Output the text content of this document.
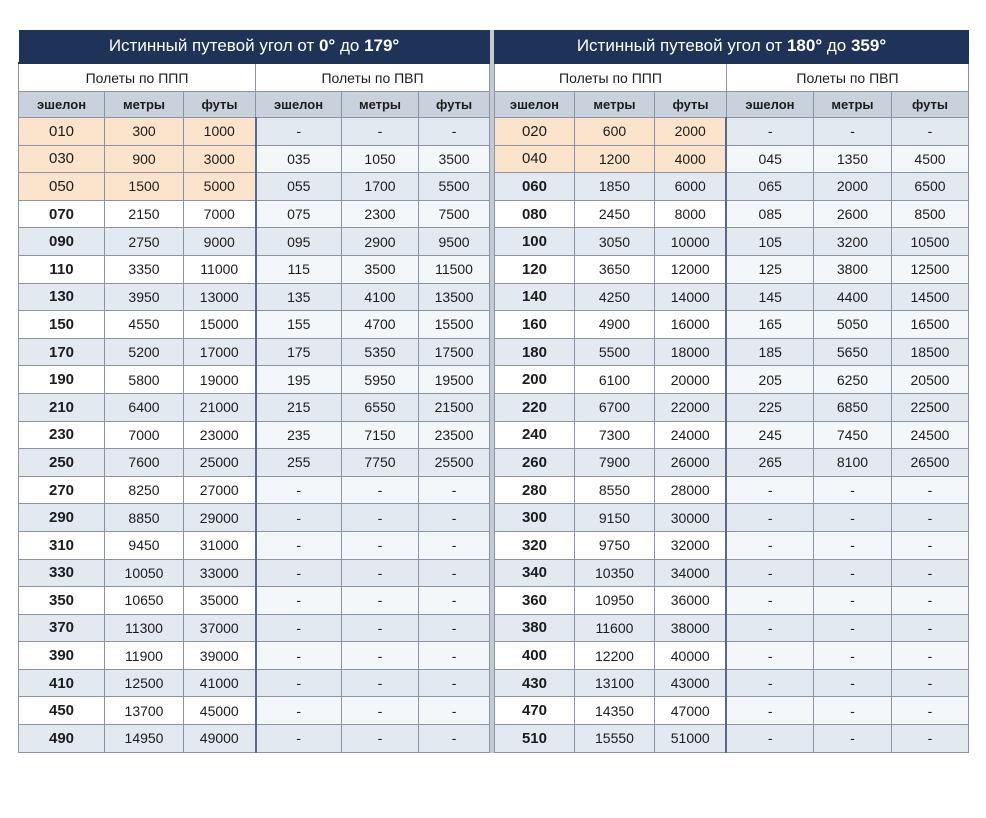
Истинный путевой угол от 0° до 179°					
Полеты по ППП			Полеты по ПВП		
эшелон	метры	футы	эшелон	метры	футы
010	300	1000	-	-	-
030	900	3000	035	1050	3500
050	1500	5000	055	1700	5500
070	2150	7000	075	2300	7500
090	2750	9000	095	2900	9500
110	3350	11000	115	3500	11500
130	3950	13000	135	4100	13500
150	4550	15000	155	4700	15500
170	5200	17000	175	5350	17500
190	5800	19000	195	5950	19500
210	6400	21000	215	6550	21500
230	7000	23000	235	7150	23500
250	7600	25000	255	7750	25500
270	8250	27000	-	-	-
290	8850	29000	-	-	-
310	9450	31000	-	-	-
330	10050	33000	-	-	-
350	10650	35000	-	-	-
370	11300	37000	-	-	-
390	11900	39000	-	-	-
410	12500	41000	-	-	-
450	13700	45000	-	-	-
490	14950	49000	-	-	-
Истинный путевой угол от 180° до 359°					
Полеты по ППП			Полеты по ПВП		
эшелон	метры	футы	эшелон	метры	футы
020	600	2000	-	-	-
040	1200	4000	045	1350	4500
060	1850	6000	065	2000	6500
080	2450	8000	085	2600	8500
100	3050	10000	105	3200	10500
120	3650	12000	125	3800	12500
140	4250	14000	145	4400	14500
160	4900	16000	165	5050	16500
180	5500	18000	185	5650	18500
200	6100	20000	205	6250	20500
220	6700	22000	225	6850	22500
240	7300	24000	245	7450	24500
260	7900	26000	265	8100	26500
280	8550	28000	-	-	-
300	9150	30000	-	-	-
320	9750	32000	-	-	-
340	10350	34000	-	-	-
360	10950	36000	-	-	-
380	11600	38000	-	-	-
400	12200	40000	-	-	-
430	13100	43000	-	-	-
470	14350	47000	-	-	-
510	15550	51000	-	-	-
